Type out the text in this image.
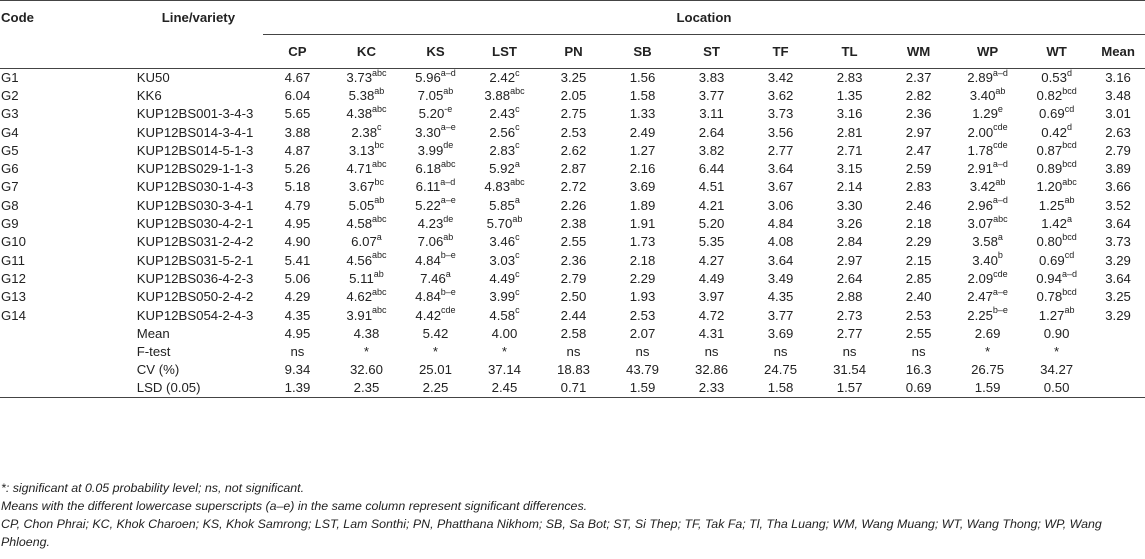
Code	Line/variety	Location												
		CP	KC	KS	LST	PN	SB	ST	TF	TL	WM	WP	WT	Mean
G1	KU50	4.67	3.73$^{abc}$	5.96$^{a-d}$	2.42$^c$	3.25	1.56	3.83	3.42	2.83	2.37	2.89$^{a-d}$	0.53$^d$	3.16
G2	KK6	6.04	5.38$^{ab}$	7.05$^{ab}$	3.88$^{abc}$	2.05	1.58	3.77	3.62	1.35	2.82	3.40$^{ab}$	0.82$^{bcd}$	3.48
G3	KUP12BS001-3-4-3	5.65	4.38$^{abc}$	$5.20^{-e}$	2.43$^c$	2.75	1.33	3.11	3.73	3.16	2.36	1.29e	0.69$^{cd}$	3.01
G4	KUP12BS014-3-4-1	3.88	2.38$^c$	3.30$^{a-e}$	2.56$^c$	2.53	2.49	2.64	3.56	2.81	2.97	2.00$^{cde}$	0.42$^d$	2.63
G5	KUP12BS014-5-1-3	4.87	3.13$^{bc}$	3.99de	2.83$^c$	2.62	1.27	3.82	2.77	2.71	2.47	1.78$^{cde}$	0.87$^{bcd}$	2.79
G6	KUP12BS029-1-1-3	5.26	4.71$^{abc}$	6.18$^{abc}$	5.92$^a$	2.87	2.16	6.44	3.64	3.15	2.59	2.91$^{a-d}$	0.89$^{bcd}$	3.89
G7	KUP12BS030-1-4-3	5.18	3.67$^{bc}$	6.11$^{a-d}$	4.83$^{abc}$	2.72	3.69	4.51	3.67	2.14	2.83	3.42$^{ab}$	1.20$^{abc}$	3.66
G8	KUP12BS030-3-4-1	4.79	5.05$^{ab}$	5.22$^{a-e}$	5.85$^a$	2.26	1.89	4.21	3.06	3.30	2.46	2.96$^{a-d}$	1.25$^{ab}$	3.52
G9	KUP12BS030-4-2-1	4.95	4.58$^{abc}$	4.23de	5.70$^{ab}$	2.38	1.91	5.20	4.84	3.26	2.18	3.07$^{abc}$	1.42$^a$	3.64
G10	KUP12BS031-2-4-2	4.90	6.07$^a$	7.06$^{ab}$	3.46$^c$	2.55	1.73	5.35	4.08	2.84	2.29	3.58$^a$	0.80$^{bcd}$	3.73
G11	KUP12BS031-5-2-1	5.41	4.56$^{abc}$	4.84$^{b-e}$	3.03$^c$	2.36	2.18	4.27	3.64	2.97	2.15	3.40$^b$	0.69$^{cd}$	3.29
G12	KUP12BS036-4-2-3	5.06	5.11$^{ab}$	7.46$^a$	4.49$^c$	2.79	2.29	4.49	3.49	2.64	2.85	2.09$^{cde}$	0.94$^{a-d}$	3.64
G13	KUP12BS050-2-4-2	4.29	4.62$^{abc}$	4.84$^{b-e}$	3.99$^c$	2.50	1.93	3.97	4.35	2.88	2.40	2.47$^{a-e}$	0.78$^{bcd}$	3.25
G14	KUP12BS054-2-4-3	4.35	3.91$^{abc}$	4.42$^{cde}$	4.58$^c$	2.44	2.53	4.72	3.77	2.73	2.53	2.25$^{b-e}$	1.27$^{ab}$	3.29
	Mean	4.95	4.38	5.42	4.00	2.58	2.07	4.31	3.69	2.77	2.55	2.69	0.90	
	F-test	ns	*	*	*	ns	ns	ns	ns	ns	ns	*	*	
	CV (%)	9.34	32.60	25.01	37.14	18.83	43.79	32.86	24.75	31.54	16.3	26.75	34.27	
	LSD (0.05)	1.39	2.35	2.25	2.45	0.71	1.59	2.33	1.58	1.57	0.69	1.59	0.50	

*: significant at 0.05 probability level; ns, not significant.

Means with the different lowercase superscripts (a–e) in the same column represent significant differences.

CP, Chon Phrai; KC, Khok Charoen; KS, Khok Samrong; LST, Lam Sonthi; PN, Phatthana Nikhom; SB, Sa Bot; ST, Si Thep; TF, Tak Fa; Tl, Tha Luang; WM, Wang Muang; WT, Wang Thong; WP, Wang Phloeng.
